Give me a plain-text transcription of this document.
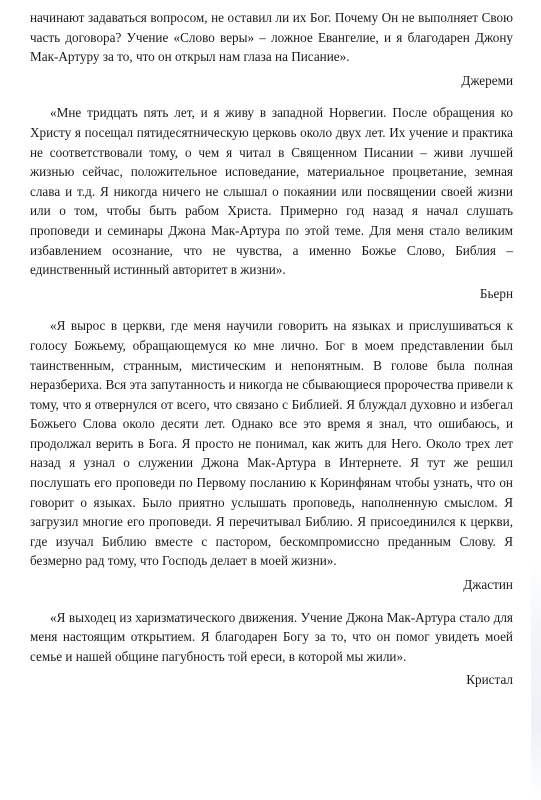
начинают задаваться вопросом, не оставил ли их Бог. Почему Он не выполняет Свою часть договора? Учение «Слово веры» – ложное Евангелие, и я благодарен Джону Мак-Артуру за то, что он открыл нам глаза на Писание».

Джереми

«Мне тридцать пять лет, и я живу в западной Норвегии. После обращения ко Христу я посещал пятидесятническую церковь около двух лет. Их учение и практика не соответствовали тому, о чем я читал в Священном Писании – живи лучшей жизнью сейчас, положительное исповедание, материальное процветание, земная слава и т.д. Я никогда ничего не слышал о покаянии или посвящении своей жизни или о том, чтобы быть рабом Христа. Примерно год назад я начал слушать проповеди и семинары Джона Мак-Артура по этой теме. Для меня стало великим избавлением осознание, что не чувства, а именно Божье Слово, Библия – единственный истинный авторитет в жизни».

Бьерн

«Я вырос в церкви, где меня научили говорить на языках и прислушиваться к голосу Божьему, обращающемуся ко мне лично. Бог в моем представлении был таинственным, странным, мистическим и непонятным. В голове была полная неразбериха. Вся эта запутанность и никогда не сбывающиеся пророчества привели к тому, что я отвернулся от всего, что связано с Библией. Я блуждал духовно и избегал Божьего Слова около десяти лет. Однако все это время я знал, что ошибаюсь, и продолжал верить в Бога. Я просто не понимал, как жить для Него. Около трех лет назад я узнал о служении Джона Мак-Артура в Интернете. Я тут же решил послушать его проповеди по Первому посланию к Коринфянам чтобы узнать, что он говорит о языках. Было приятно услышать проповедь, наполненную смыслом. Я загрузил многие его проповеди. Я перечитывал Библию. Я присоединился к церкви, где изучал Библию вместе с пастором, бескомпромиссно преданным Слову. Я безмерно рад тому, что Господь делает в моей жизни».

Джастин

«Я выходец из харизматического движения. Учение Джона Мак-Артура стало для меня настоящим открытием. Я благодарен Богу за то, что он помог увидеть моей семье и нашей общине пагубность той ереси, в которой мы жили».

Кристал
